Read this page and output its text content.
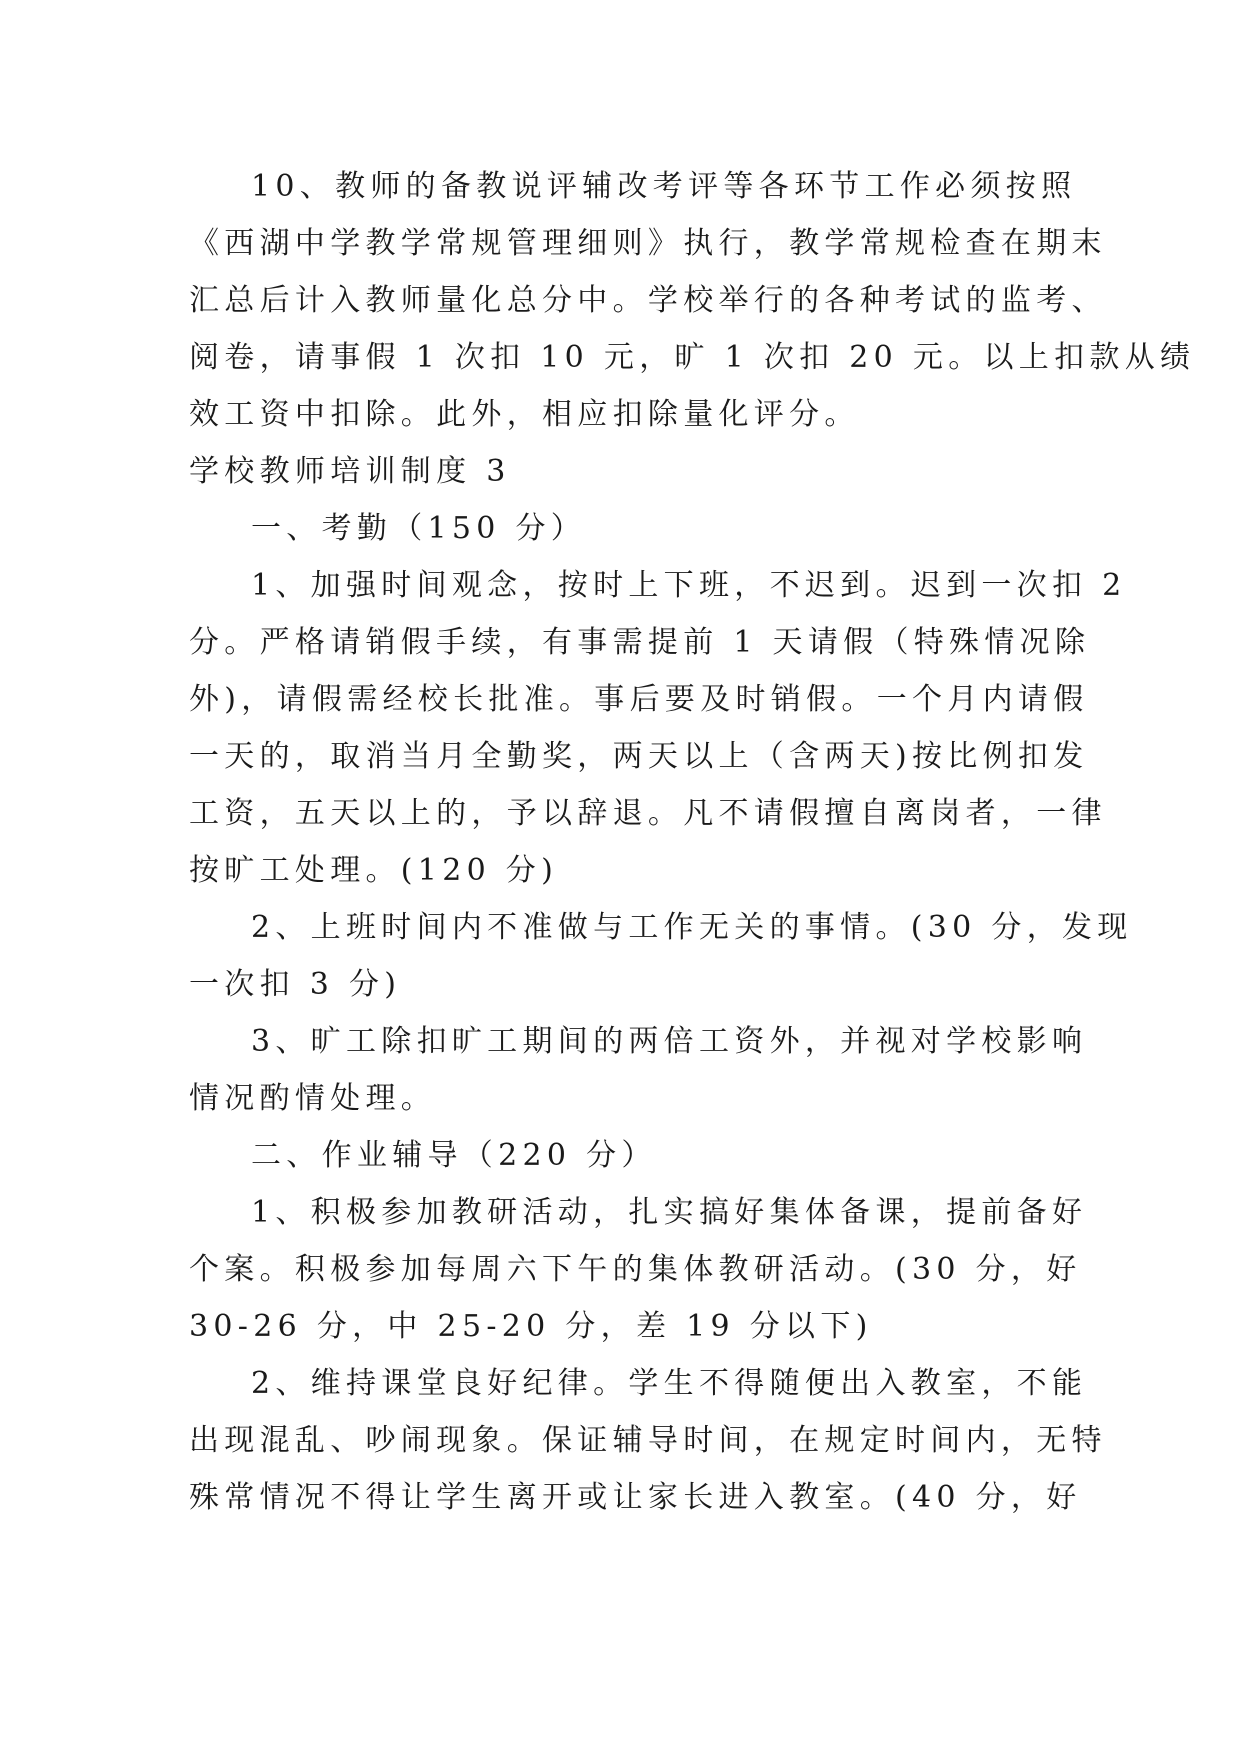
10、教师的备教说评辅改考评等各环节工作必须按照
《西湖中学教学常规管理细则》执行，教学常规检查在期末
汇总后计入教师量化总分中。学校举行的各种考试的监考、
阅卷，请事假 1 次扣 10 元，旷 1 次扣 20 元。以上扣款从绩
效工资中扣除。此外，相应扣除量化评分。
学校教师培训制度 3
一、考勤（150 分）
1、加强时间观念，按时上下班，不迟到。迟到一次扣 2
分。严格请销假手续，有事需提前 1 天请假（特殊情况除
外)，请假需经校长批准。事后要及时销假。一个月内请假
一天的，取消当月全勤奖，两天以上（含两天)按比例扣发
工资，五天以上的，予以辞退。凡不请假擅自离岗者，一律
按旷工处理。(120 分)
2、上班时间内不准做与工作无关的事情。(30 分，发现
一次扣 3 分)
3、旷工除扣旷工期间的两倍工资外，并视对学校影响
情况酌情处理。
二、作业辅导（220 分）
1、积极参加教研活动，扎实搞好集体备课，提前备好
个案。积极参加每周六下午的集体教研活动。(30 分，好
30-26 分，中 25-20 分，差 19 分以下)
2、维持课堂良好纪律。学生不得随便出入教室，不能
出现混乱、吵闹现象。保证辅导时间，在规定时间内，无特
殊常情况不得让学生离开或让家长进入教室。(40 分，好
